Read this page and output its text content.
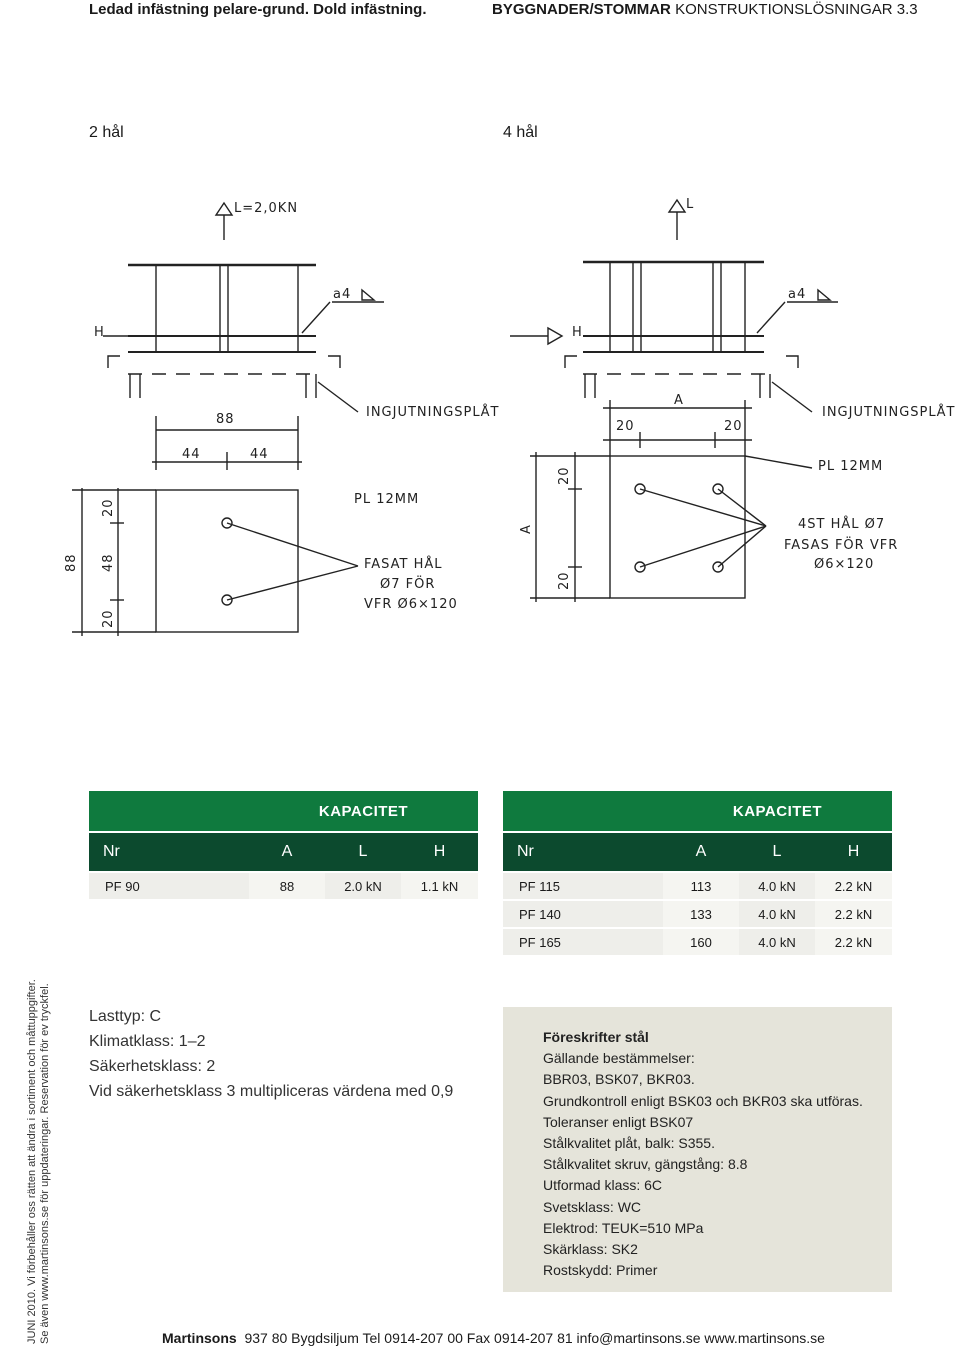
Ledad infästning pelare-grund. Dold infästning.	BYGGNADER/STOMMAR KONSTRUKTIONSLÖSNINGAR 3.3
2 hål	4 hål
L=2,0KN
H
a4
INGJUTNINGSPLÅT
88
44	44
PL 12MM
FASAT HÅL
Ø7 FÖR
VFR Ø6×120
88
20
48
20
L
H
a4
INGJUTNINGSPLÅT
A
20	20
PL 12MM
4ST HÅL Ø7
FASAS FÖR VFR
Ø6×120
A
20
20
	KAPACITET		
Nr	A	L	H
PF 90	88	2.0 kN	1.1 kN
	KAPACITET		
Nr	A	L	H
PF 115	113	4.0 kN	2.2 kN
PF 140	133	4.0 kN	2.2 kN
PF 165	160	4.0 kN	2.2 kN
Lasttyp: C
Klimatklass: 1–2
Säkerhetsklass: 2
Vid säkerhetsklass 3 multipliceras värdena med 0,9
Föreskrifter stål
Gällande bestämmelser:
BBR03, BSK07, BKR03.
Grundkontroll enligt BSK03 och BKR03 ska utföras.
Toleranser enligt BSK07
Stålkvalitet plåt, balk: S355.
Stålkvalitet skruv, gängstång: 8.8
Utformad klass: 6C
Svetsklass: WC
Elektrod: TEUK=510 MPa
Skärklass: SK2
Rostskydd: Primer
JUNI 2010. Vi förbehåller oss rätten att ändra i sortiment och måttuppgifter. Se även www.martinsons.se för uppdateringar. Reservation för ev tryckfel.	Martinsons 937 80 Bygdsiljum Tel 0914-207 00 Fax 0914-207 81 info@martinsons.se www.martinsons.se
